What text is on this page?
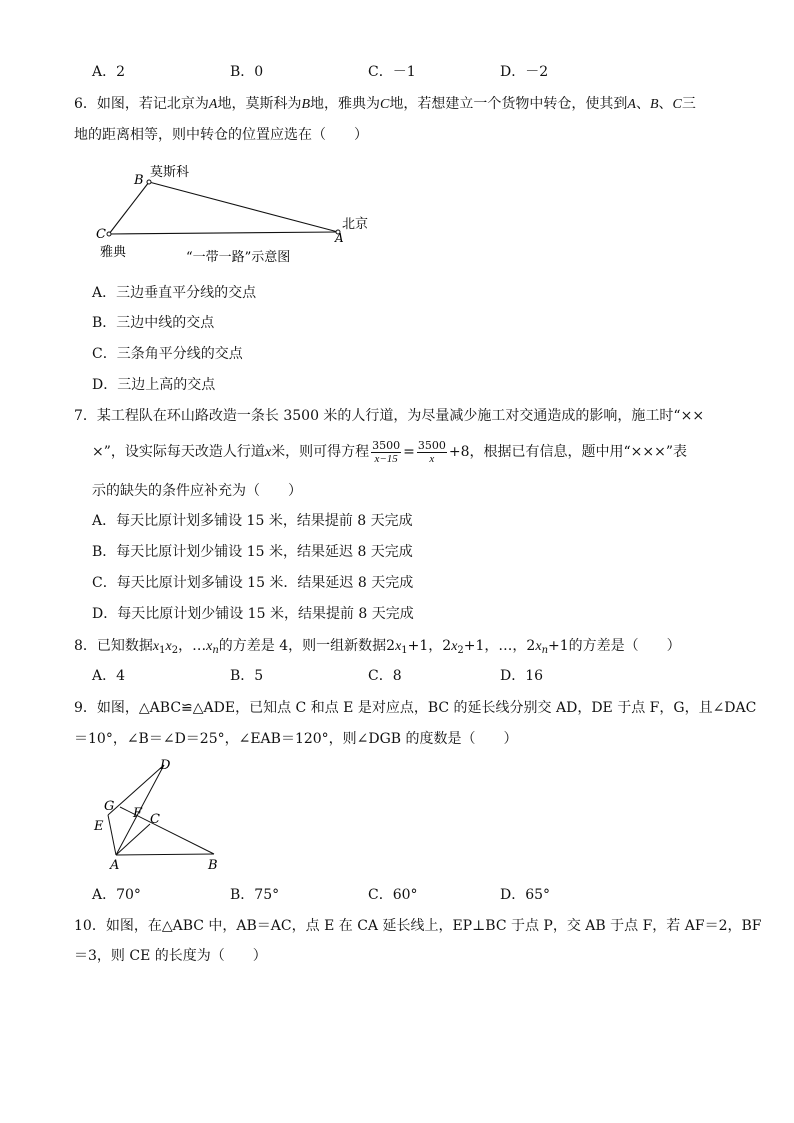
A．2	B．0	C．－1	D．－2
6．如图，若记北京为A地，莫斯科为B地，雅典为C地，若想建立一个货物中转仓，使其到A、B、C三
地的距离相等，则中转仓的位置应选在（　　）
B
莫斯科
C
雅典
A
北京
“一带一路”示意图
A．三边垂直平分线的交点
B．三边中线的交点
C．三条角平分线的交点
D．三边上高的交点
7．某工程队在环山路改造一条长 3500 米的人行道，为尽量减少施工对交通造成的影响，施工时“××
×”，设实际每天改造人行道x米，则可得方程 $\frac{3500}{x-15} = \frac{3500}{x} +8$，根据已有信息，题中用“×××”表
示的缺失的条件应补充为（　　）
A．每天比原计划多铺设 15 米，结果提前 8 天完成
B．每天比原计划少铺设 15 米，结果延迟 8 天完成
C．每天比原计划多铺设 15 米．结果延迟 8 天完成
D．每天比原计划少铺设 15 米，结果提前 8 天完成
8．已知数据$x_1x_2$，$\dots x_n$的方差是 4，则一组新数据$2x_1+1$，$2x_2+1$，…，$2x_n+1$的方差是（　　）
A．4	B．5	C．8	D．16
9．如图，△ABC≌△ADE，已知点 C 和点 E 是对应点，BC 的延长线分别交 AD，DE 于点 F，G，且∠DAC
＝10°，∠B＝∠D＝25°，∠EAB＝120°，则∠DGB 的度数是（　　）
D
G F C
E
A	B
A．70°	B．75°	C．60°	D．65°
10．如图，在△ABC 中，AB＝AC，点 E 在 CA 延长线上，EP⊥BC 于点 P，交 AB 于点 F，若 AF＝2，BF
＝3，则 CE 的长度为（　　）
